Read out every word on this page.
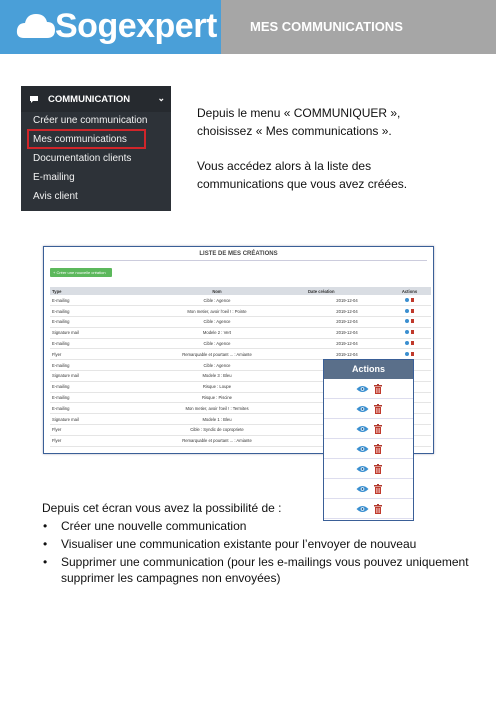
Sogexpert	MES COMMUNICATIONS
COMMUNICATION	⌄
Créer une communication
Mes communications
Documentation clients
E-mailing
Avis client
Depuis le menu « COMMUNIQUER »,
choisissez « Mes communications ».
Vous accédez alors à la liste des
communications que vous avez créées.
LISTE DE MES CRÉATIONS
+ Créer une nouvelle création
Type	Nom	Date création	Actions
E-mailing	Cible : Agence	2019-12-04	
E-mailing	Mon metier, avoir l'oeil ! : Pointe	2019-12-04	
E-mailing	Cible : Agence	2019-12-04	
Signature mail	Modele 2 : Vert	2019-12-04	
E-mailing	Cible : Agence	2019-12-04	
Flyer	Remarquable et pourtant ... : Amiante	2019-12-04	
E-mailing	Cible : Agence		
Signature mail	Modele 3 : Bleu		
E-mailing	Risque : Loupe		
E-mailing	Risque : Piscine		
E-mailing	Mon metier, avoir l'oeil ! : Termites		
Signature mail	Modele 1 : Bleu		
Flyer	Cible : Syndic de copropriete		
Flyer	Remarquable et pourtant ... : Amiante		
Actions
Depuis cet écran vous avez la possibilité de :
• Créer une nouvelle communication
• Visualiser une communication existante pour l’envoyer de nouveau
• Supprimer une communication (pour les e-mailings vous pouvez uniquement supprimer les campagnes non envoyées)
